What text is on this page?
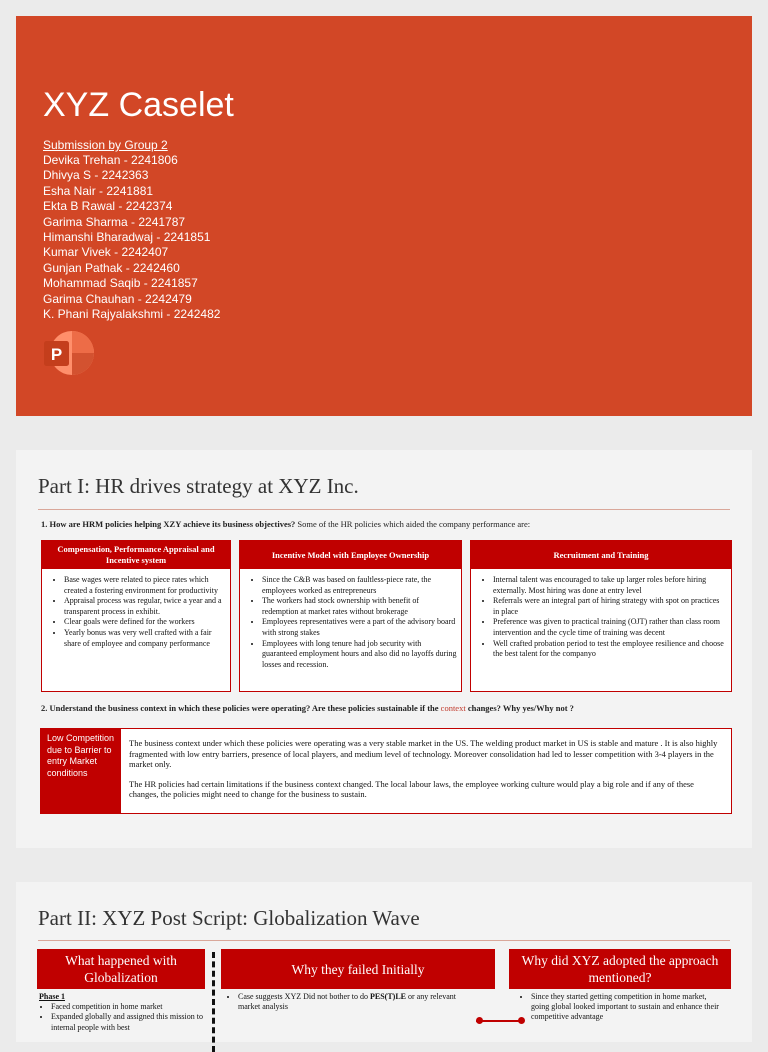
XYZ Caselet
Submission by Group 2
Devika Trehan - 2241806
Dhivya S - 2242363
Esha Nair - 2241881
Ekta B Rawal - 2242374
Garima Sharma - 2241787
Himanshi Bharadwaj - 2241851
Kumar Vivek - 2242407
Gunjan Pathak - 2242460
Mohammad Saqib - 2241857
Garima Chauhan - 2242479
K. Phani Rajyalakshmi - 2242482
P
Part I: HR drives strategy at XYZ Inc.
1. How are HRM policies helping XZY achieve its business objectives? Some of the HR policies which aided the company performance are:
Compensation, Performance Appraisal and Incentive system
• Base wages were related to piece rates which created a fostering environment for productivity
• Appraisal process was regular, twice a year and a transparent process in exhibit.
• Clear goals were defined for the workers
• Yearly bonus was very well crafted with a fair share of employee and company performance
Incentive Model with Employee Ownership
• Since the C&B was based on faultless-piece rate, the employees worked as entrepreneurs
• The workers had stock ownership with benefit of redemption at market rates without brokerage
• Employees representatives were a part of the advisory board with strong stakes
• Employees with long tenure had job security with guaranteed employment hours and also did no layoffs during losses and recession.
Recruitment and Training
• Internal talent was encouraged to take up larger roles before hiring externally. Most hiring was done at entry level
• Referrals were an integral part of hiring strategy with spot on practices in place
• Preference was given to practical training (OJT) rather than class room intervention and the cycle time of training was decent
• Well crafted probation period to test the employee resilience and choose the best talent for the companyo
2. Understand the business context in which these policies were operating? Are these policies sustainable if the context changes? Why yes/Why not ?
Low Competition due to Barrier to entry Market conditions

The business context under which these policies were operating was a very stable market in the US. The welding product market in US is stable and mature . It is also highly fragmented with low entry barriers, presence of local players, and medium level of technology. Moreover consolidation had led to lesser competition with 3-4 players in the market only.

The HR policies had certain limitations if the business context changed. The local labour laws, the employee working culture would play a big role and if any of these changes, the policies might need to change for the business to sustain.

Part II: XYZ Post Script: Globalization Wave
What happened with Globalization
Phase 1
• Faced competition in home market
• Expanded globally and assigned this mission to internal people with best
Why they failed Initially
• Case suggests XYZ Did not bother to do PES(T)LE or any relevant market analysis
Why did XYZ adopted the approach mentioned?
• Since they started getting competition in home market, going global looked important to sustain and enhance their competitive advantage
